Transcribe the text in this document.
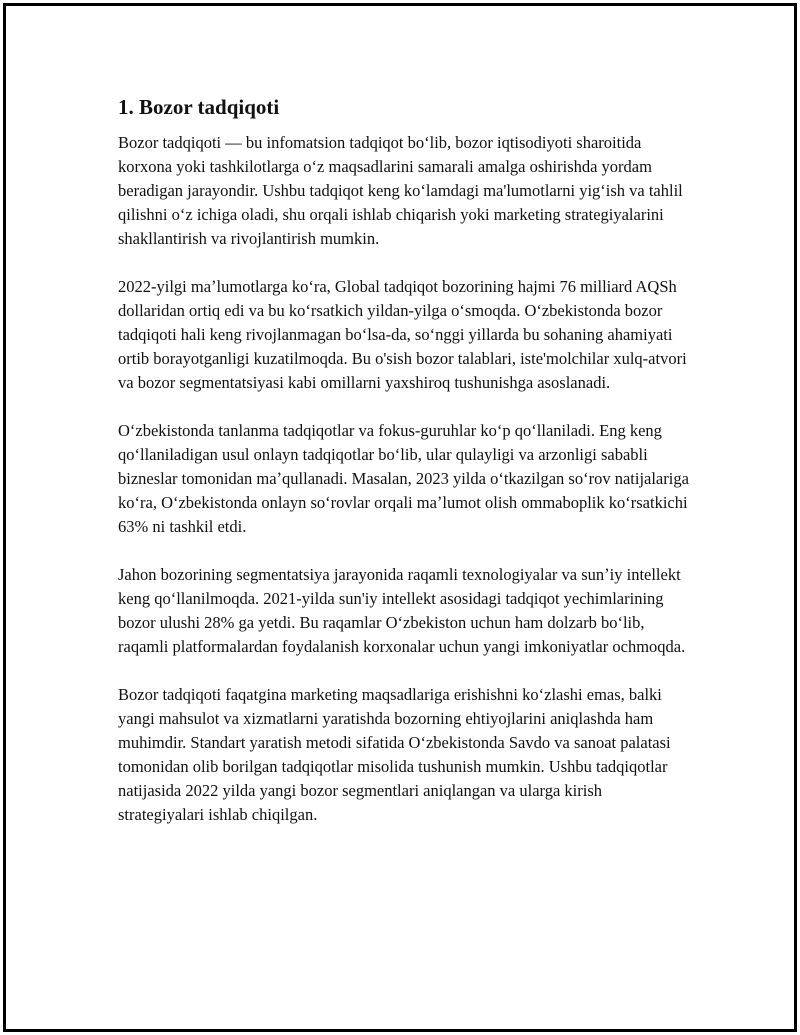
1. Bozor tadqiqoti

Bozor tadqiqoti — bu infomatsion tadqiqot boʻlib, bozor iqtisodiyoti sharoitida korxona yoki tashkilotlarga oʻz maqsadlarini samarali amalga oshirishda yordam beradigan jarayondir. Ushbu tadqiqot keng koʻlamdagi ma'lumotlarni yigʻish va tahlil qilishni oʻz ichiga oladi, shu orqali ishlab chiqarish yoki marketing strategiyalarini shakllantirish va rivojlantirish mumkin.

2022-yilgi maʼlumotlarga koʻra, Global tadqiqot bozorining hajmi 76 milliard AQSh dollaridan ortiq edi va bu koʻrsatkich yildan-yilga oʻsmoqda. Oʻzbekistonda bozor tadqiqoti hali keng rivojlanmagan boʻlsa-da, soʻnggi yillarda bu sohaning ahamiyati ortib borayotganligi kuzatilmoqda. Bu o'sish bozor talablari, iste'molchilar xulq-atvori va bozor segmentatsiyasi kabi omillarni yaxshiroq tushunishga asoslanadi.

Oʻzbekistonda tanlanma tadqiqotlar va fokus-guruhlar koʻp qoʻllaniladi. Eng keng qoʻllaniladigan usul onlayn tadqiqotlar boʻlib, ular qulayligi va arzonligi sababli bizneslar tomonidan maʼqullanadi. Masalan, 2023 yilda oʻtkazilgan soʻrov natijalariga koʻra, Oʻzbekistonda onlayn soʻrovlar orqali maʼlumot olish ommaboplik koʻrsatkichi 63% ni tashkil etdi.

Jahon bozorining segmentatsiya jarayonida raqamli texnologiyalar va sunʼiy intellekt keng qoʻllanilmoqda. 2021-yilda sun'iy intellekt asosidagi tadqiqot yechimlarining bozor ulushi 28% ga yetdi. Bu raqamlar Oʻzbekiston uchun ham dolzarb boʻlib, raqamli platformalardan foydalanish korxonalar uchun yangi imkoniyatlar ochmoqda.

Bozor tadqiqoti faqatgina marketing maqsadlariga erishishni koʻzlashi emas, balki yangi mahsulot va xizmatlarni yaratishda bozorning ehtiyojlarini aniqlashda ham muhimdir. Standart yaratish metodi sifatida Oʻzbekistonda Savdo va sanoat palatasi tomonidan olib borilgan tadqiqotlar misolida tushunish mumkin. Ushbu tadqiqotlar natijasida 2022 yilda yangi bozor segmentlari aniqlangan va ularga kirish strategiyalari ishlab chiqilgan.
